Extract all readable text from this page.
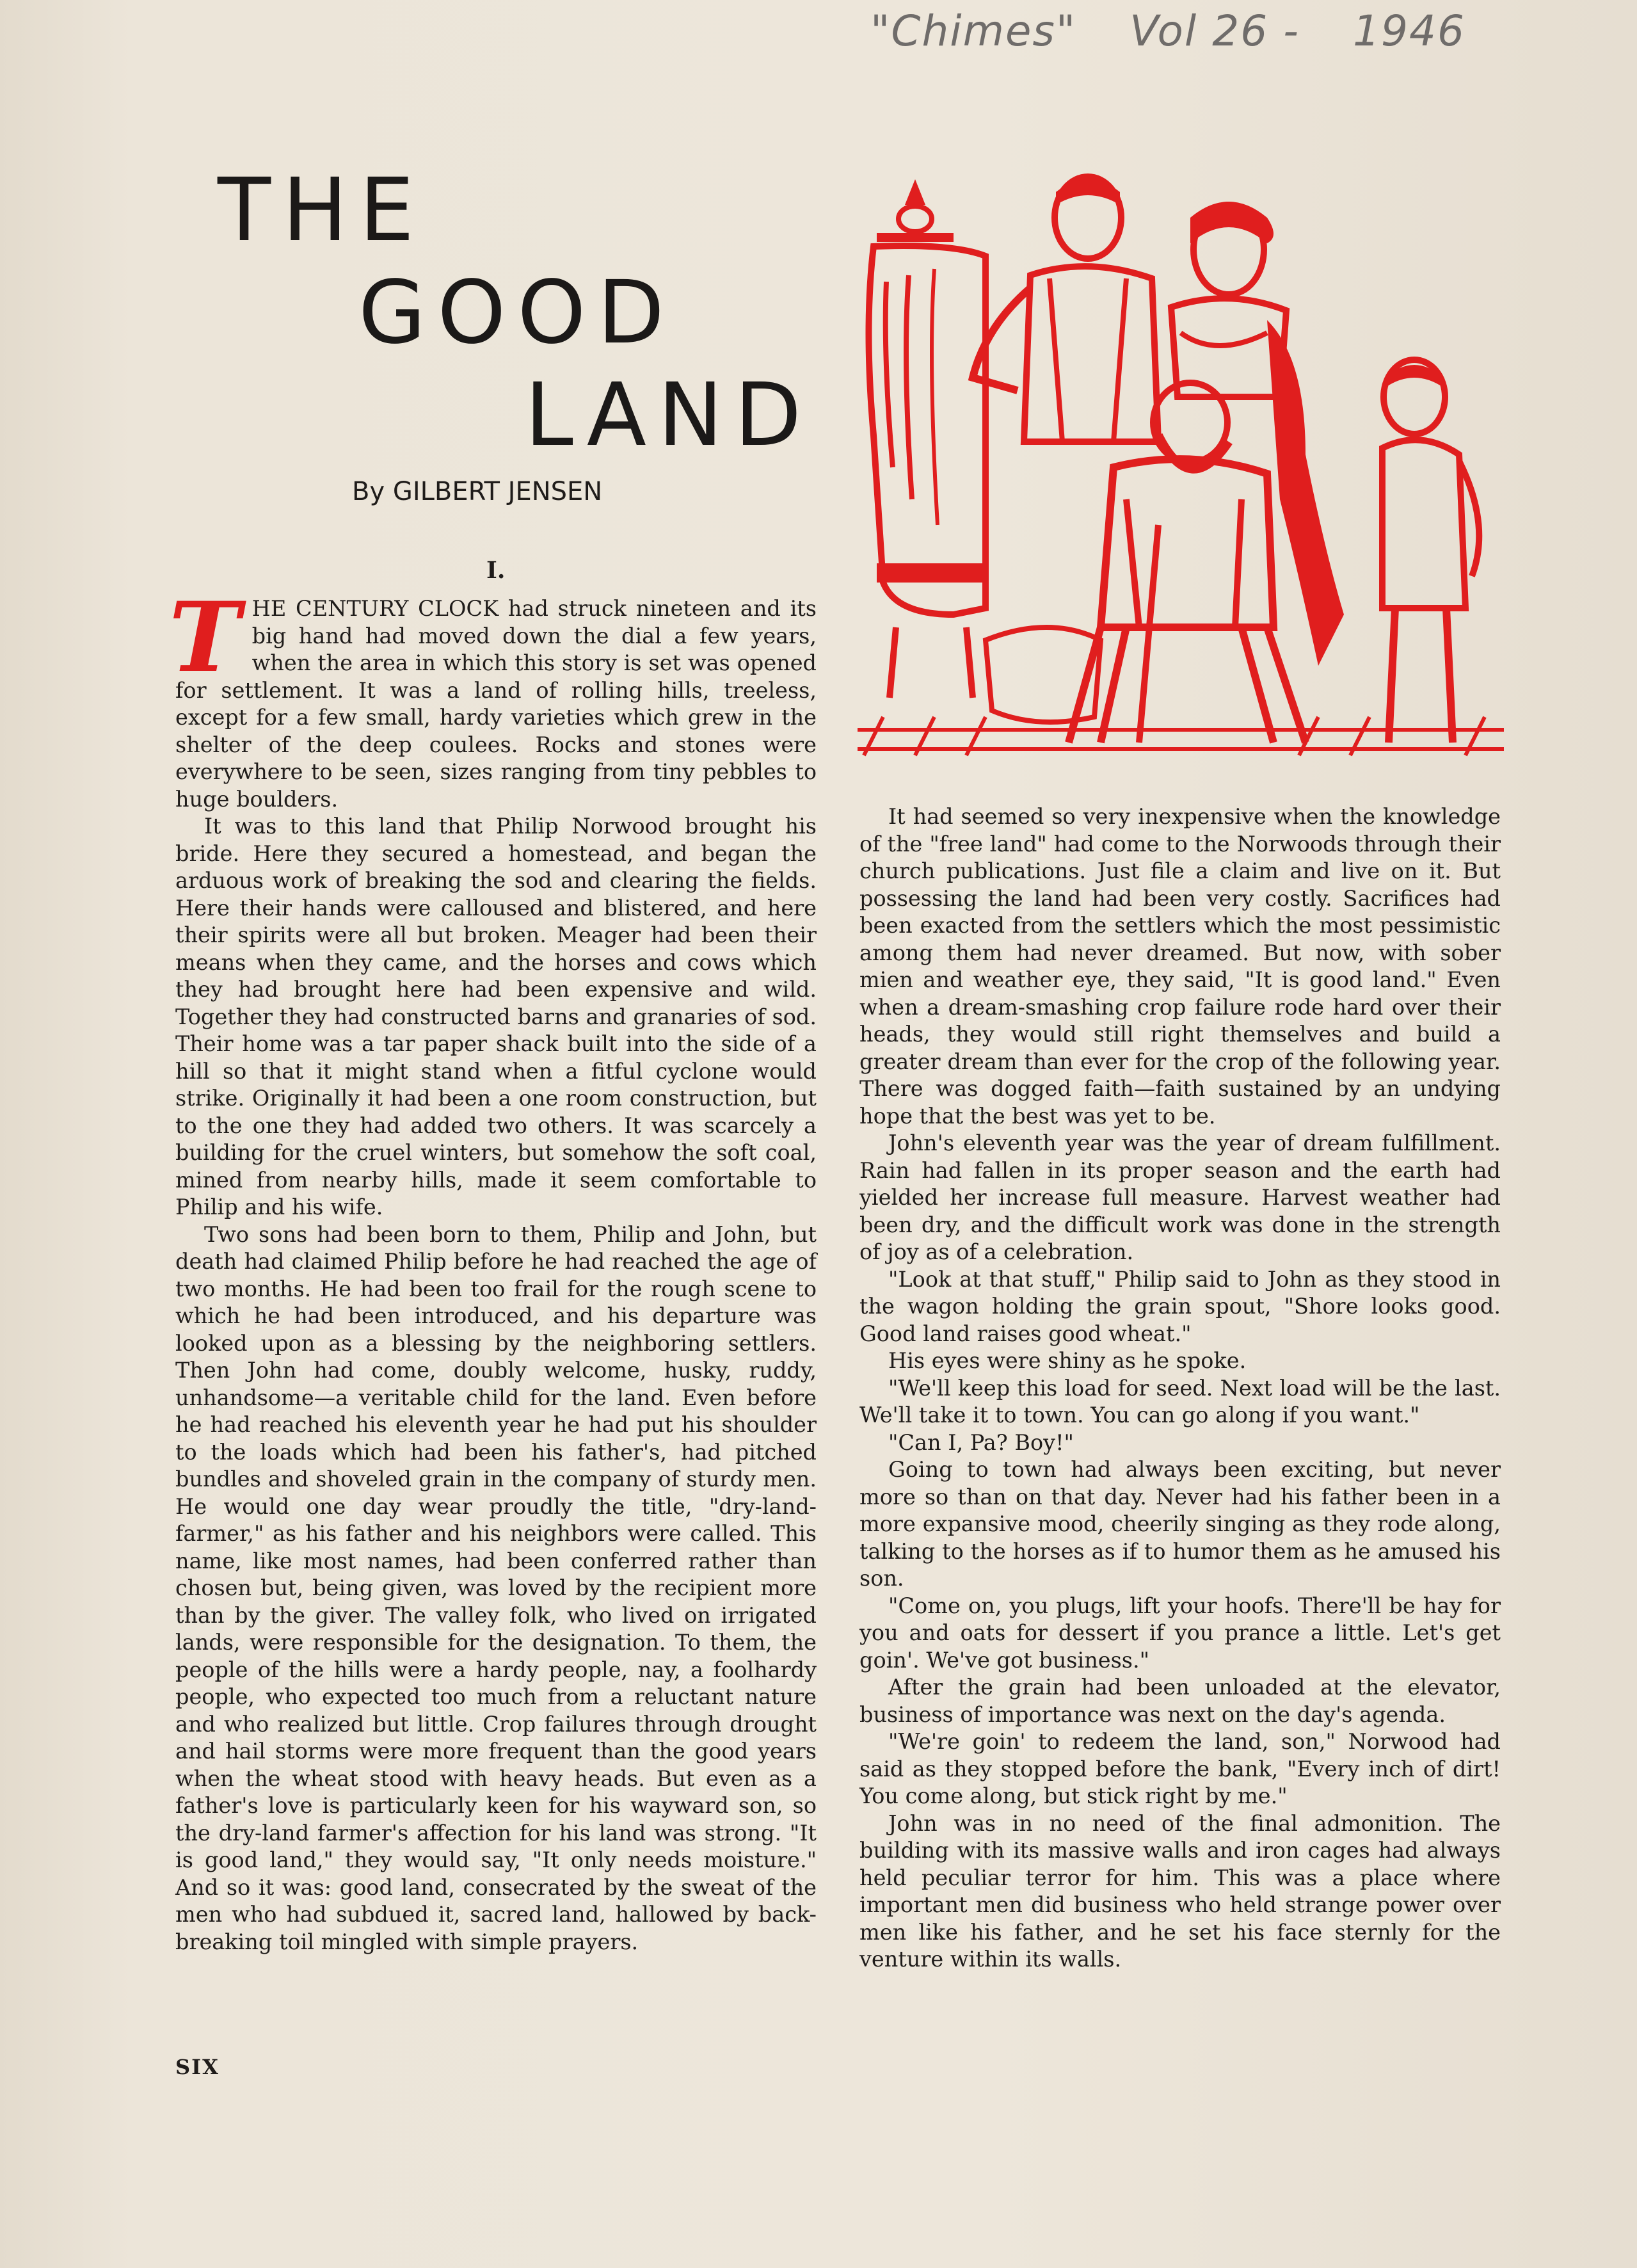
"Chimes" Vol 26 - 1946
THE
GOOD
LAND
By GILBERT JENSEN
I.

THE CENTURY CLOCK had struck nineteen and its big hand had moved down the dial a few years, when the area in which this story is set was opened for settlement. It was a land of rolling hills, treeless, except for a few small, hardy varieties which grew in the shelter of the deep coulees. Rocks and stones were everywhere to be seen, sizes ranging from tiny pebbles to huge boulders.

It was to this land that Philip Norwood brought his bride. Here they secured a homestead, and began the arduous work of breaking the sod and clearing the fields. Here their hands were calloused and blistered, and here their spirits were all but broken. Meager had been their means when they came, and the horses and cows which they had brought here had been expensive and wild. Together they had constructed barns and granaries of sod. Their home was a tar paper shack built into the side of a hill so that it might stand when a fitful cyclone would strike. Originally it had been a one room construction, but to the one they had added two others. It was scarcely a building for the cruel winters, but somehow the soft coal, mined from nearby hills, made it seem comfortable to Philip and his wife.

Two sons had been born to them, Philip and John, but death had claimed Philip before he had reached the age of two months. He had been too frail for the rough scene to which he had been introduced, and his departure was looked upon as a blessing by the neighboring settlers. Then John had come, doubly welcome, husky, ruddy, unhandsome—a veritable child for the land. Even before he had reached his eleventh year he had put his shoulder to the loads which had been his father's, had pitched bundles and shoveled grain in the company of sturdy men. He would one day wear proudly the title, "dry-land-farmer," as his father and his neighbors were called. This name, like most names, had been conferred rather than chosen but, being given, was loved by the recipient more than by the giver. The valley folk, who lived on irrigated lands, were responsible for the designation. To them, the people of the hills were a hardy people, nay, a foolhardy people, who expected too much from a reluctant nature and who realized but little. Crop failures through drought and hail storms were more frequent than the good years when the wheat stood with heavy heads. But even as a father's love is particularly keen for his wayward son, so the dry-land farmer's affection for his land was strong. "It is good land," they would say, "It only needs moisture." And so it was: good land, consecrated by the sweat of the men who had subdued it, sacred land, hallowed by back-breaking toil mingled with simple prayers.

It had seemed so very inexpensive when the knowledge of the "free land" had come to the Norwoods through their church publications. Just file a claim and live on it. But possessing the land had been very costly. Sacrifices had been exacted from the settlers which the most pessimistic among them had never dreamed. But now, with sober mien and weather eye, they said, "It is good land." Even when a dream-smashing crop failure rode hard over their heads, they would still right themselves and build a greater dream than ever for the crop of the following year. There was dogged faith—faith sustained by an undying hope that the best was yet to be.

John's eleventh year was the year of dream fulfillment. Rain had fallen in its proper season and the earth had yielded her increase full measure. Harvest weather had been dry, and the difficult work was done in the strength of joy as of a celebration.

"Look at that stuff," Philip said to John as they stood in the wagon holding the grain spout, "Shore looks good. Good land raises good wheat."

His eyes were shiny as he spoke.

"We'll keep this load for seed. Next load will be the last. We'll take it to town. You can go along if you want."

"Can I, Pa? Boy!"

Going to town had always been exciting, but never more so than on that day. Never had his father been in a more expansive mood, cheerily singing as they rode along, talking to the horses as if to humor them as he amused his son.

"Come on, you plugs, lift your hoofs. There'll be hay for you and oats for dessert if you prance a little. Let's get goin'. We've got business."

After the grain had been unloaded at the elevator, business of importance was next on the day's agenda.

"We're goin' to redeem the land, son," Norwood had said as they stopped before the bank, "Every inch of dirt! You come along, but stick right by me."

John was in no need of the final admonition. The building with its massive walls and iron cages had always held peculiar terror for him. This was a place where important men did business who held strange power over men like his father, and he set his face sternly for the venture within its walls.

SIX
